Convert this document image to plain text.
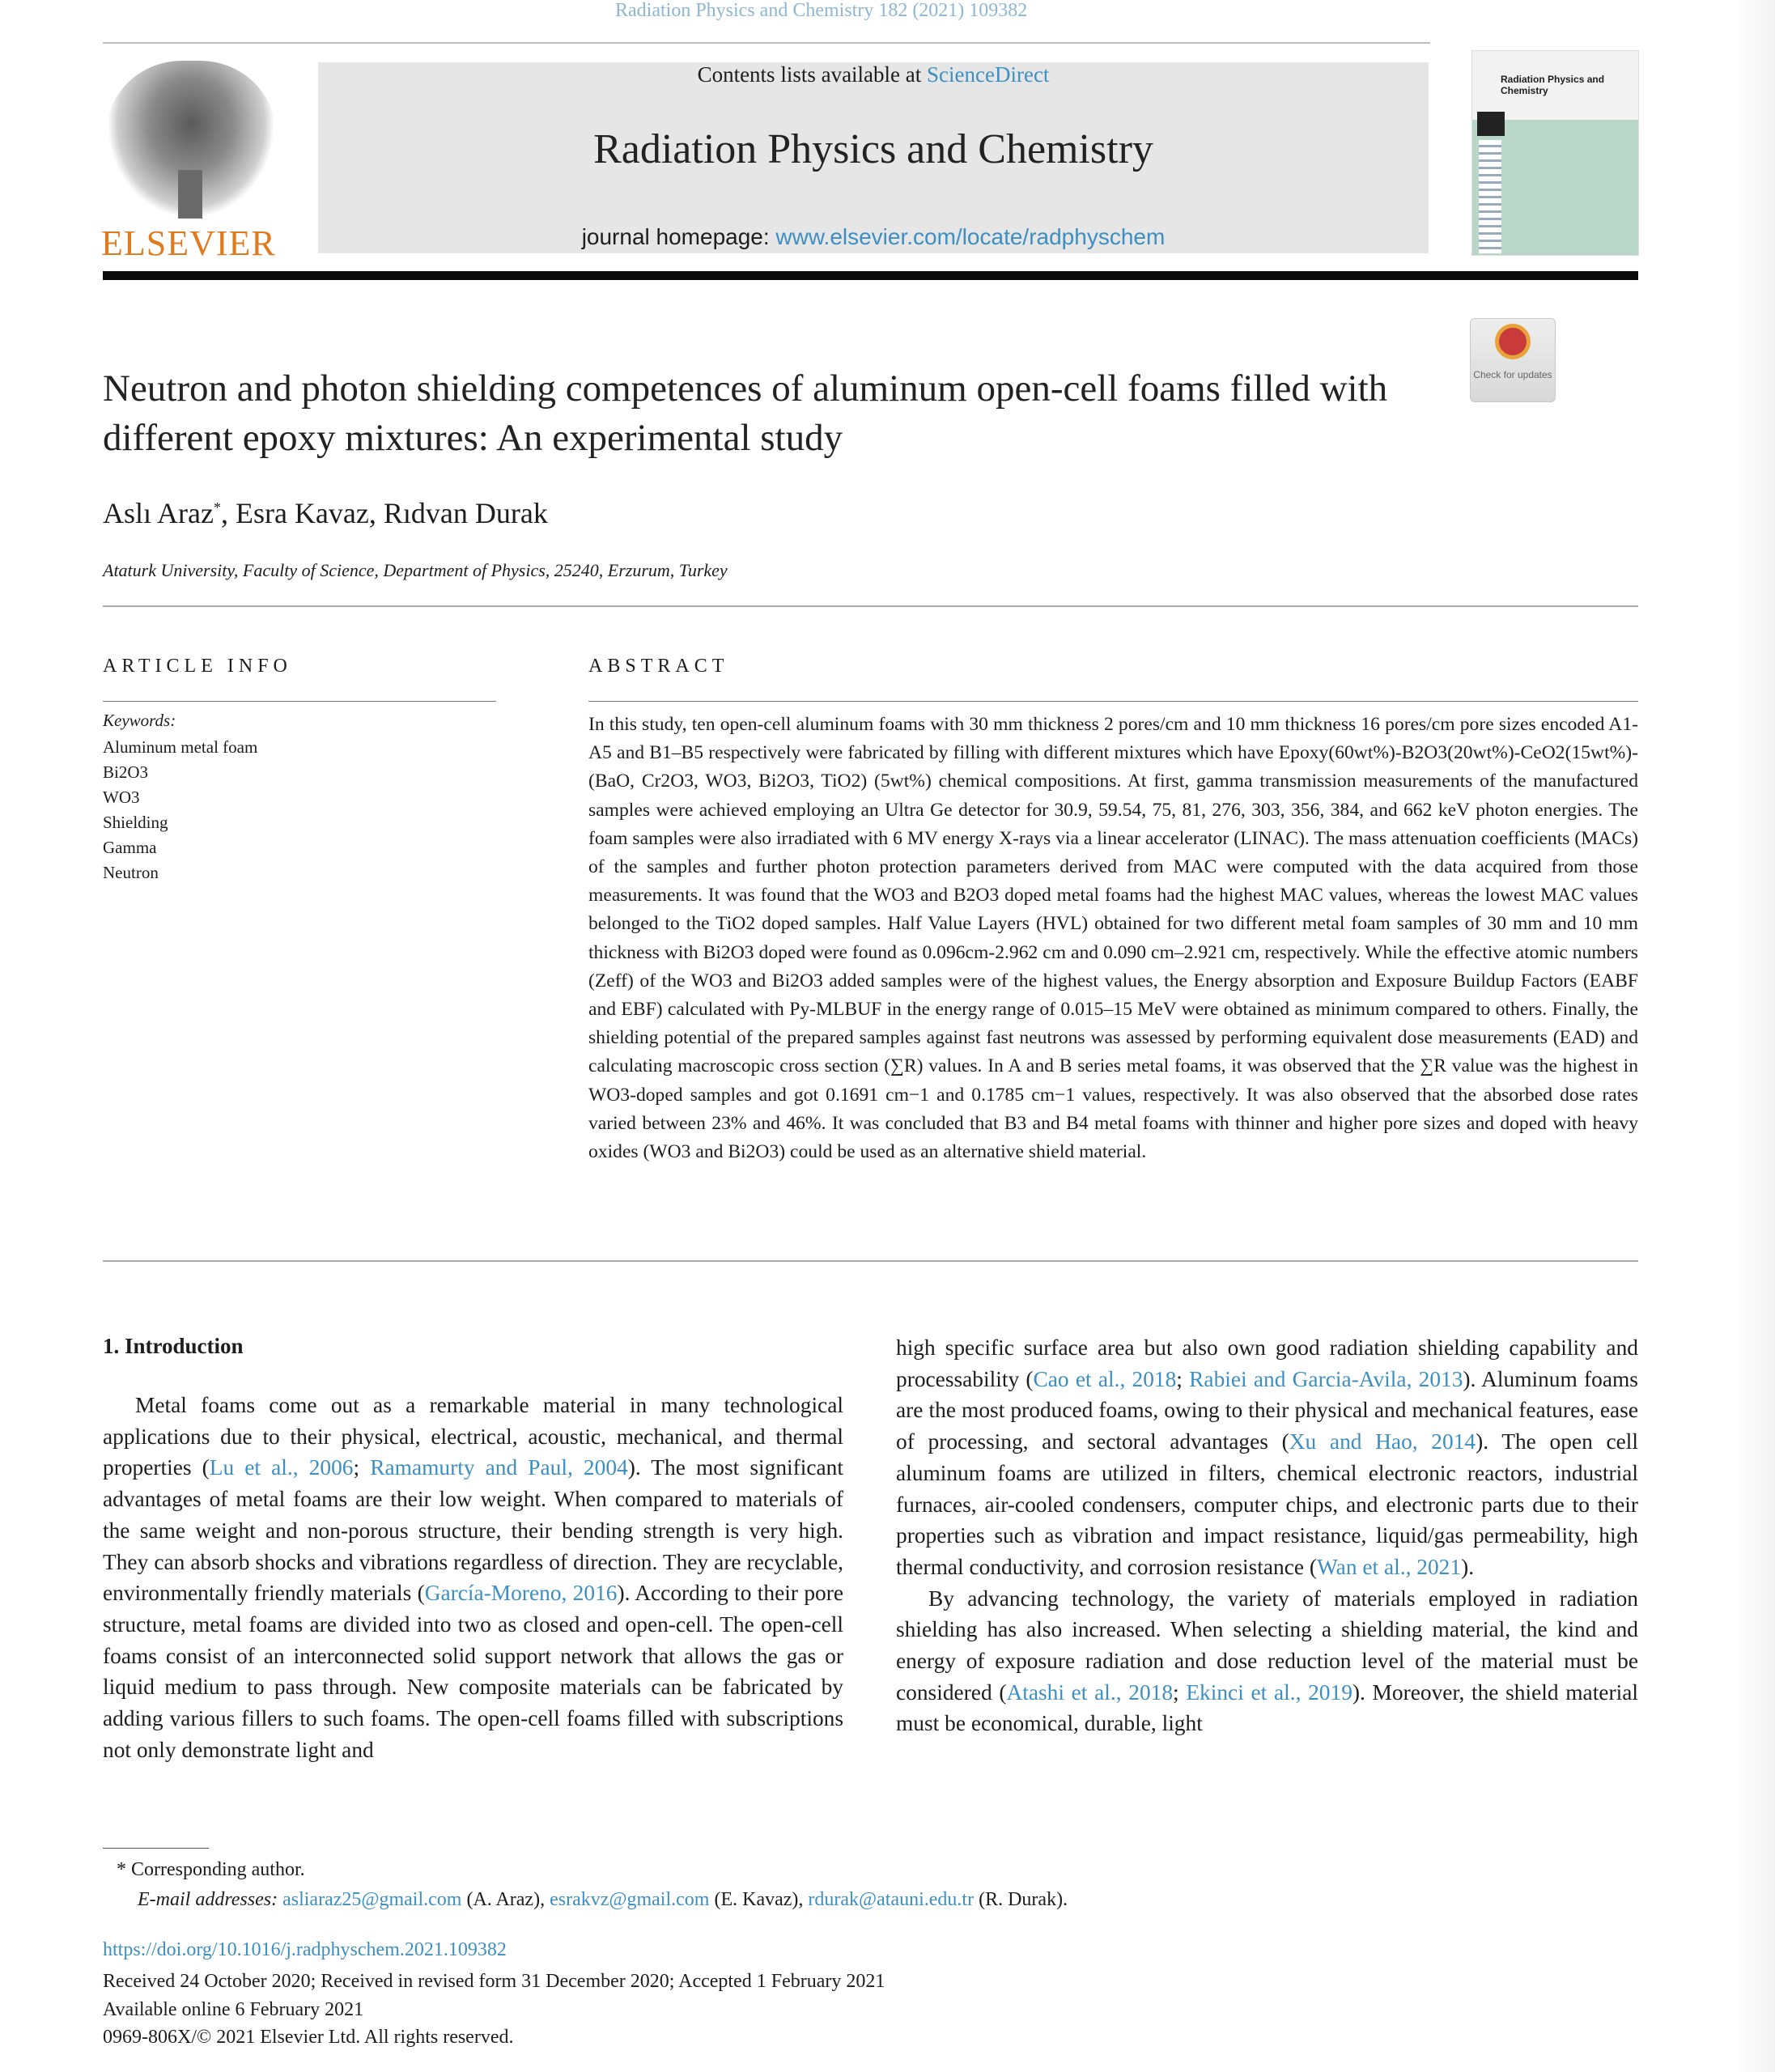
Radiation Physics and Chemistry 182 (2021) 109382
ELSEVIER
Contents lists available at ScienceDirect
Radiation Physics and Chemistry
journal homepage: www.elsevier.com/locate/radphyschem
Radiation Physics and Chemistry
Check for updates
Neutron and photon shielding competences of aluminum open-cell foams filled with different epoxy mixtures: An experimental study
Aslı Araz*, Esra Kavaz, Rıdvan Durak
Ataturk University, Faculty of Science, Department of Physics, 25240, Erzurum, Turkey
ARTICLE INFO	ABSTRACT
Keywords:
Aluminum metal foam
Bi2O3
WO3
Shielding
Gamma
Neutron

In this study, ten open-cell aluminum foams with 30 mm thickness 2 pores/cm and 10 mm thickness 16 pores/cm pore sizes encoded A1-A5 and B1–B5 respectively were fabricated by filling with different mixtures which have Epoxy(60wt%)-B2O3(20wt%)-CeO2(15wt%)-(BaO, Cr2O3, WO3, Bi2O3, TiO2) (5wt%) chemical compositions. At first, gamma transmission measurements of the manufactured samples were achieved employing an Ultra Ge detector for 30.9, 59.54, 75, 81, 276, 303, 356, 384, and 662 keV photon energies. The foam samples were also irradiated with 6 MV energy X-rays via a linear accelerator (LINAC). The mass attenuation coefficients (MACs) of the samples and further photon protection parameters derived from MAC were computed with the data acquired from those measurements. It was found that the WO3 and B2O3 doped metal foams had the highest MAC values, whereas the lowest MAC values belonged to the TiO2 doped samples. Half Value Layers (HVL) obtained for two different metal foam samples of 30 mm and 10 mm thickness with Bi2O3 doped were found as 0.096cm-2.962 cm and 0.090 cm–2.921 cm, respectively. While the effective atomic numbers (Zeff) of the WO3 and Bi2O3 added samples were of the highest values, the Energy absorption and Exposure Buildup Factors (EABF and EBF) calculated with Py-MLBUF in the energy range of 0.015–15 MeV were obtained as minimum compared to others. Finally, the shielding potential of the prepared samples against fast neutrons was assessed by performing equivalent dose measurements (EAD) and calculating macroscopic cross section (∑R) values. In A and B series metal foams, it was observed that the ∑R value was the highest in WO3-doped samples and got 0.1691 cm−1 and 0.1785 cm−1 values, respectively. It was also observed that the absorbed dose rates varied between 23% and 46%. It was concluded that B3 and B4 metal foams with thinner and higher pore sizes and doped with heavy oxides (WO3 and Bi2O3) could be used as an alternative shield material.

1. Introduction

Metal foams come out as a remarkable material in many technological applications due to their physical, electrical, acoustic, mechanical, and thermal properties (Lu et al., 2006; Ramamurty and Paul, 2004). The most significant advantages of metal foams are their low weight. When compared to materials of the same weight and non-porous structure, their bending strength is very high. They can absorb shocks and vibrations regardless of direction. They are recyclable, environmentally friendly materials (García-Moreno, 2016). According to their pore structure, metal foams are divided into two as closed and open-cell. The open-cell foams consist of an interconnected solid support network that allows the gas or liquid medium to pass through. New composite materials can be fabricated by adding various fillers to such foams. The open-cell foams filled with subscriptions not only demonstrate light and

high specific surface area but also own good radiation shielding capability and processability (Cao et al., 2018; Rabiei and Garcia-Avila, 2013). Aluminum foams are the most produced foams, owing to their physical and mechanical features, ease of processing, and sectoral advantages (Xu and Hao, 2014). The open cell aluminum foams are utilized in filters, chemical electronic reactors, industrial furnaces, air-cooled condensers, computer chips, and electronic parts due to their properties such as vibration and impact resistance, liquid/gas permeability, high thermal conductivity, and corrosion resistance (Wan et al., 2021).
By advancing technology, the variety of materials employed in radiation shielding has also increased. When selecting a shielding material, the kind and energy of exposure radiation and dose reduction level of the material must be considered (Atashi et al., 2018; Ekinci et al., 2019). Moreover, the shield material must be economical, durable, light

* Corresponding author.
E-mail addresses: asliaraz25@gmail.com (A. Araz), esrakvz@gmail.com (E. Kavaz), rdurak@atauni.edu.tr (R. Durak).
https://doi.org/10.1016/j.radphyschem.2021.109382
Received 24 October 2020; Received in revised form 31 December 2020; Accepted 1 February 2021
Available online 6 February 2021
0969-806X/© 2021 Elsevier Ltd. All rights reserved.
